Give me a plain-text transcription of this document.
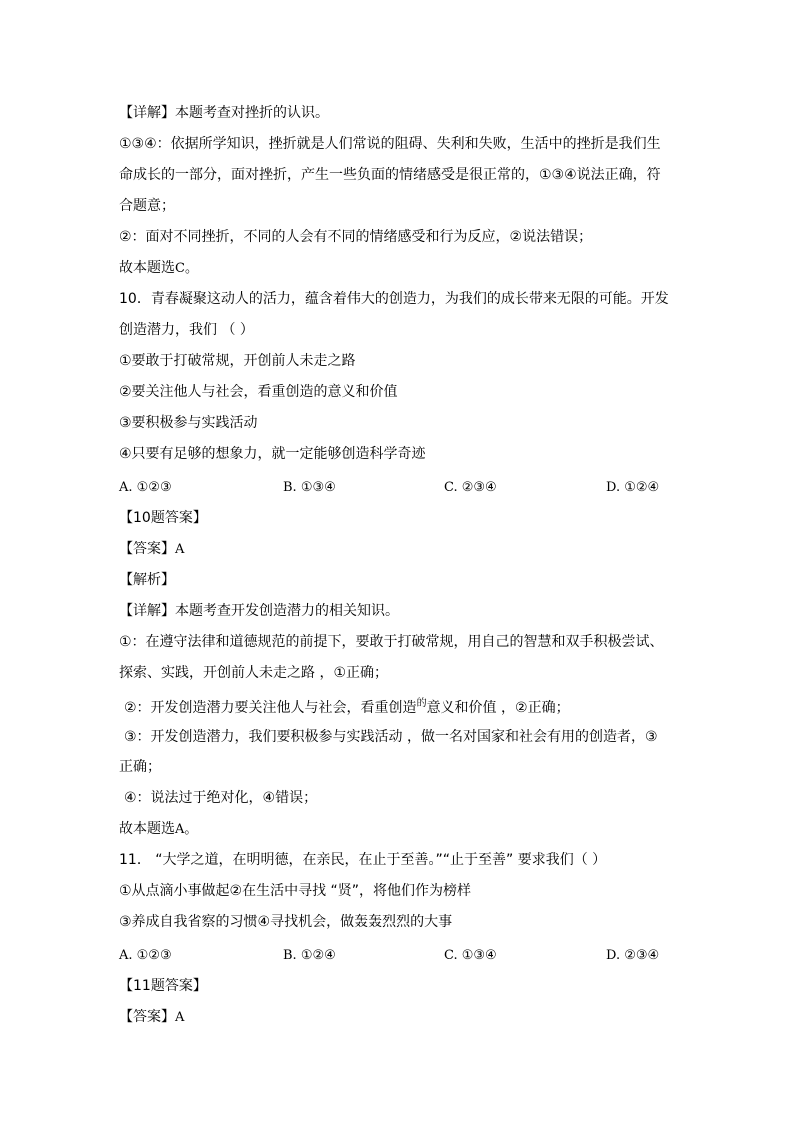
【详解】本题考查对挫折的认识。
①③④：依据所学知识，挫折就是人们常说的阻碍、失利和失败，生活中的挫折是我们生
命成长的一部分，面对挫折，产生一些负面的情绪感受是很正常的，①③④说法正确，符
合题意；
②：面对不同挫折，不同的人会有不同的情绪感受和行为反应，②说法错误；
故本题选C。
10．青春凝聚这动人的活力，蕴含着伟大的创造力，为我们的成长带来无限的可能。开发
创造潜力，我们 （ ）
①要敢于打破常规，开创前人未走之路
②要关注他人与社会，看重创造的意义和价值
③要积极参与实践活动
④只要有足够的想象力，就一定能够创造科学奇迹
A. ①②③	B. ①③④	C. ②③④	D. ①②④
【10题答案】
【答案】A
【解析】
【详解】本题考查开发创造潜力的相关知识。
①：在遵守法律和道德规范的前提下，要敢于打破常规，用自己的智慧和双手积极尝试、
探索、实践，开创前人未走之路 ，①正确；
②：开发创造潜力要关注他人与社会，看重创造$^的$意义和价值 ，②正确；
③：开发创造潜力，我们要积极参与实践活动 ，做一名对国家和社会有用的创造者，③
正确；
④：说法过于绝对化，④错误；
故本题选A。
11． “大学之道，在明明德，在亲民，在止于至善。”“止于至善” 要求我们（ ）
①从点滴小事做起②在生活中寻找 “贤”，将他们作为榜样
③养成自我省察的习惯④寻找机会，做轰轰烈烈的大事
A. ①②③	B. ①②④	C. ①③④	D. ②③④
【11题答案】
【答案】A
